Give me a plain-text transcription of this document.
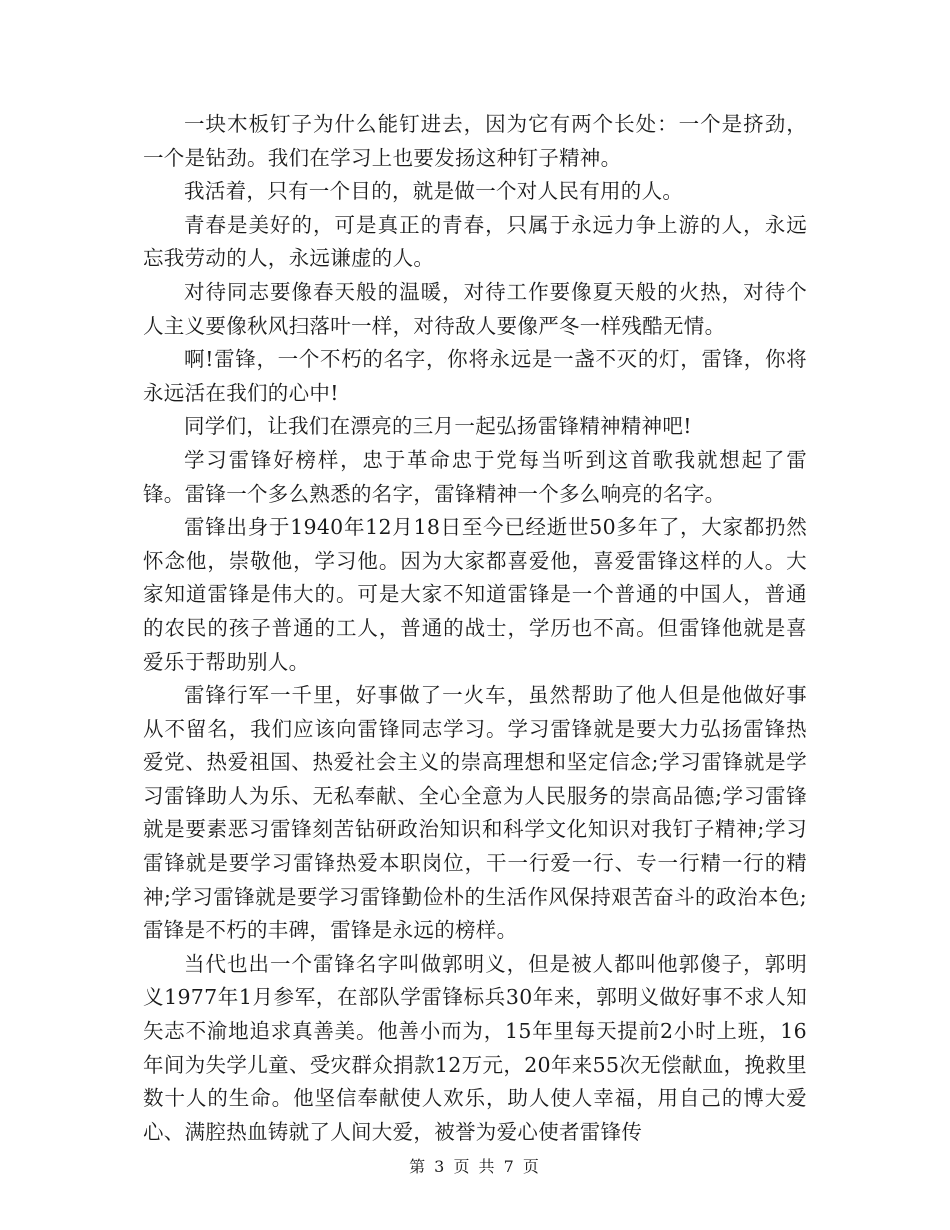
一块木板钉子为什么能钉进去，因为它有两个长处：一个是挤劲，一个是钻劲。我们在学习上也要发扬这种钉子精神。

我活着，只有一个目的，就是做一个对人民有用的人。

青春是美好的，可是真正的青春，只属于永远力争上游的人，永远忘我劳动的人，永远谦虚的人。

对待同志要像春天般的温暖，对待工作要像夏天般的火热，对待个人主义要像秋风扫落叶一样，对待敌人要像严冬一样残酷无情。

啊!雷锋，一个不朽的名字，你将永远是一盏不灭的灯，雷锋，你将永远活在我们的心中!

同学们，让我们在漂亮的三月一起弘扬雷锋精神精神吧!

学习雷锋好榜样，忠于革命忠于党每当听到这首歌我就想起了雷锋。雷锋一个多么熟悉的名字，雷锋精神一个多么响亮的名字。

雷锋出身于1940年12月18日至今已经逝世50多年了，大家都扔然怀念他，崇敬他，学习他。因为大家都喜爱他，喜爱雷锋这样的人。大家知道雷锋是伟大的。可是大家不知道雷锋是一个普通的中国人，普通的农民的孩子普通的工人，普通的战士，学历也不高。但雷锋他就是喜爱乐于帮助别人。

雷锋行军一千里，好事做了一火车，虽然帮助了他人但是他做好事从不留名，我们应该向雷锋同志学习。学习雷锋就是要大力弘扬雷锋热爱党、热爱祖国、热爱社会主义的崇高理想和坚定信念;学习雷锋就是学习雷锋助人为乐、无私奉献、全心全意为人民服务的崇高品德;学习雷锋就是要素恶习雷锋刻苦钻研政治知识和科学文化知识对我钉子精神;学习雷锋就是要学习雷锋热爱本职岗位，干一行爱一行、专一行精一行的精神;学习雷锋就是要学习雷锋勤俭朴的生活作风保持艰苦奋斗的政治本色;雷锋是不朽的丰碑，雷锋是永远的榜样。

当代也出一个雷锋名字叫做郭明义，但是被人都叫他郭傻子，郭明义1977年1月参军，在部队学雷锋标兵30年来，郭明义做好事不求人知矢志不渝地追求真善美。他善小而为，15年里每天提前2小时上班，16年间为失学儿童、受灾群众捐款12万元，20年来55次无偿献血，挽救里数十人的生命。他坚信奉献使人欢乐，助人使人幸福，用自己的博大爱心、满腔热血铸就了人间大爱，被誉为爱心使者雷锋传

第 3 页 共 7 页
